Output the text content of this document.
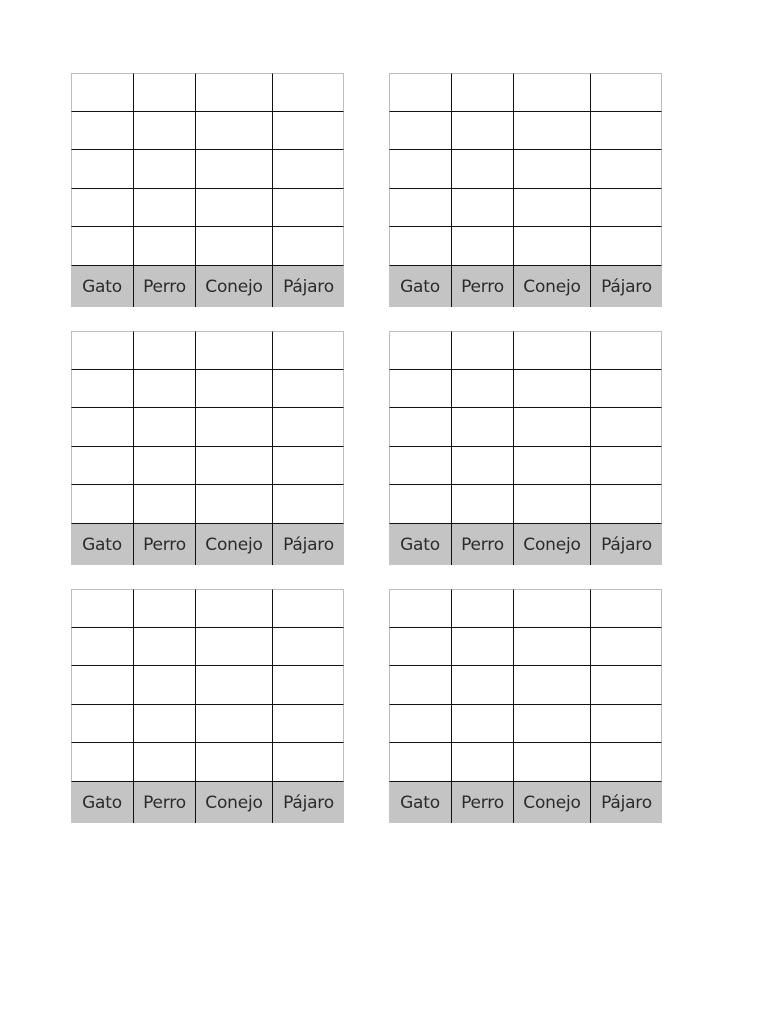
Gato	Perro	Conejo	Pájaro	Gato	Perro	Conejo	Pájaro
Gato	Perro	Conejo	Pájaro	Gato	Perro	Conejo	Pájaro
Gato	Perro	Conejo	Pájaro	Gato	Perro	Conejo	Pájaro
